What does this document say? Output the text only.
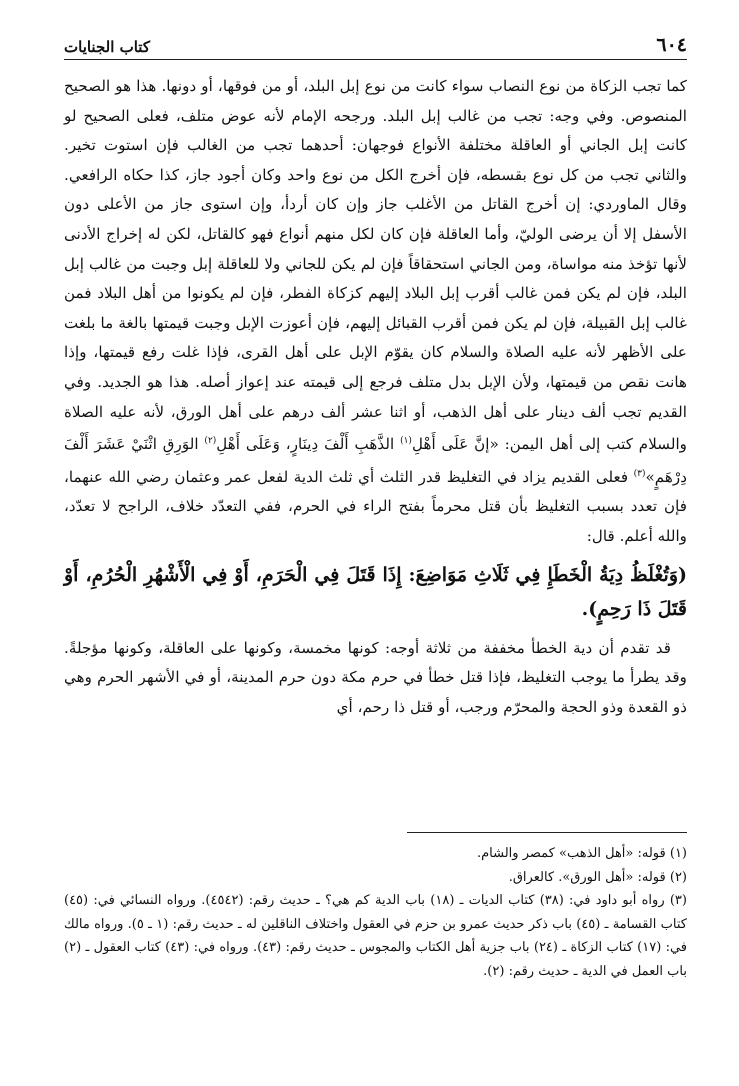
٦٠٤
كتاب الجنايات

كما تجب الزكاة من نوع النصاب سواء كانت من نوع إبل البلد، أو من فوقها، أو دونها. هذا هو الصحيح المنصوص. وفي وجه: تجب من غالب إبل البلد. ورجحه الإمام لأنه عوض متلف، فعلى الصحيح لو كانت إبل الجاني أو العاقلة مختلفة الأنواع فوجهان: أحدهما تجب من الغالب فإن استوت تخير. والثاني تجب من كل نوع بقسطه، فإن أخرج الكل من نوع واحد وكان أجود جاز، كذا حكاه الرافعي. وقال الماوردي: إن أخرج القاتل من الأغلب جاز وإن كان أردأ، وإن استوى جاز من الأعلى دون الأسفل إلا أن يرضى الوليّ، وأما العاقلة فإن كان لكل منهم أنواع فهو كالقاتل، لكن له إخراج الأدنى لأنها تؤخذ منه مواساة، ومن الجاني استحقاقاً فإن لم يكن للجاني ولا للعاقلة إبل وجبت من غالب إبل البلد، فإن لم يكن فمن غالب أقرب إبل البلاد إليهم كزكاة الفطر، فإن لم يكونوا من أهل البلاد فمن غالب إبل القبيلة، فإن لم يكن فمن أقرب القبائل إليهم، فإن أعوزت الإبل وجبت قيمتها بالغة ما بلغت على الأظهر لأنه عليه الصلاة والسلام كان يقوّم الإبل على أهل القرى، فإذا غلت رفع قيمتها، وإذا هانت نقص من قيمتها، ولأن الإبل بدل متلف فرجع إلى قيمته عند إعواز أصله. هذا هو الجديد. وفي القديم تجب ألف دينار على أهل الذهب، أو اثنا عشر ألف درهم على أهل الورق، لأنه عليه الصلاة والسلام كتب إلى أهل اليمن: «إنَّ عَلَى أَهْلِ$^{(١)}$ الذَّهَبِ أَلْفَ دِينَارٍ، وَعَلَى أَهْلِ$^{(٢)}$ الوَرِقِ اثْنَيْ عَشَرَ أَلْفَ دِرْهَمٍ»$^{(٣)}$ فعلى القديم يزاد في التغليظ قدر الثلث أي ثلث الدية لفعل عمر وعثمان رضي الله عنهما، فإن تعدد بسبب التغليظ بأن قتل محرماً بفتح الراء في الحرم، ففي التعدّد خلاف، الراجح لا تعدّد، والله أعلم. قال:

(وَتُغْلَظُ دِيَةُ الْخَطَإِ فِي ثَلَاثِ مَوَاضِعَ: إِذَا قَتَلَ فِي الْحَرَمِ، أَوْ فِي الْأَشْهُرِ الْحُرُمِ، أَوْ قَتَلَ ذَا رَحِمٍ).

قد تقدم أن دية الخطأ مخففة من ثلاثة أوجه: كونها مخمسة، وكونها على العاقلة، وكونها مؤجلةً. وقد يطرأ ما يوجب التغليظ، فإذا قتل خطأ في حرم مكة دون حرم المدينة، أو في الأشهر الحرم وهي ذو القعدة وذو الحجة والمحرّم ورجب، أو قتل ذا رحم، أي

(١) قوله: «أهل الذهب» كمصر والشام.

(٢) قوله: «أهل الورق». كالعراق.

(٣) رواه أبو داود في: (٣٨) كتاب الديات ـ (١٨) باب الدية كم هي؟ ـ حديث رقم: (٤٥٤٢). ورواه النسائي في: (٤٥) كتاب القسامة ـ (٤٥) باب ذكر حديث عمرو بن حزم في العقول واختلاف الناقلين له ـ حديث رقم: (١ ـ ٥). ورواه مالك في: (١٧) كتاب الزكاة ـ (٢٤) باب جزية أهل الكتاب والمجوس ـ حديث رقم: (٤٣). ورواه في: (٤٣) كتاب العقول ـ (٢) باب العمل في الدية ـ حديث رقم: (٢).
